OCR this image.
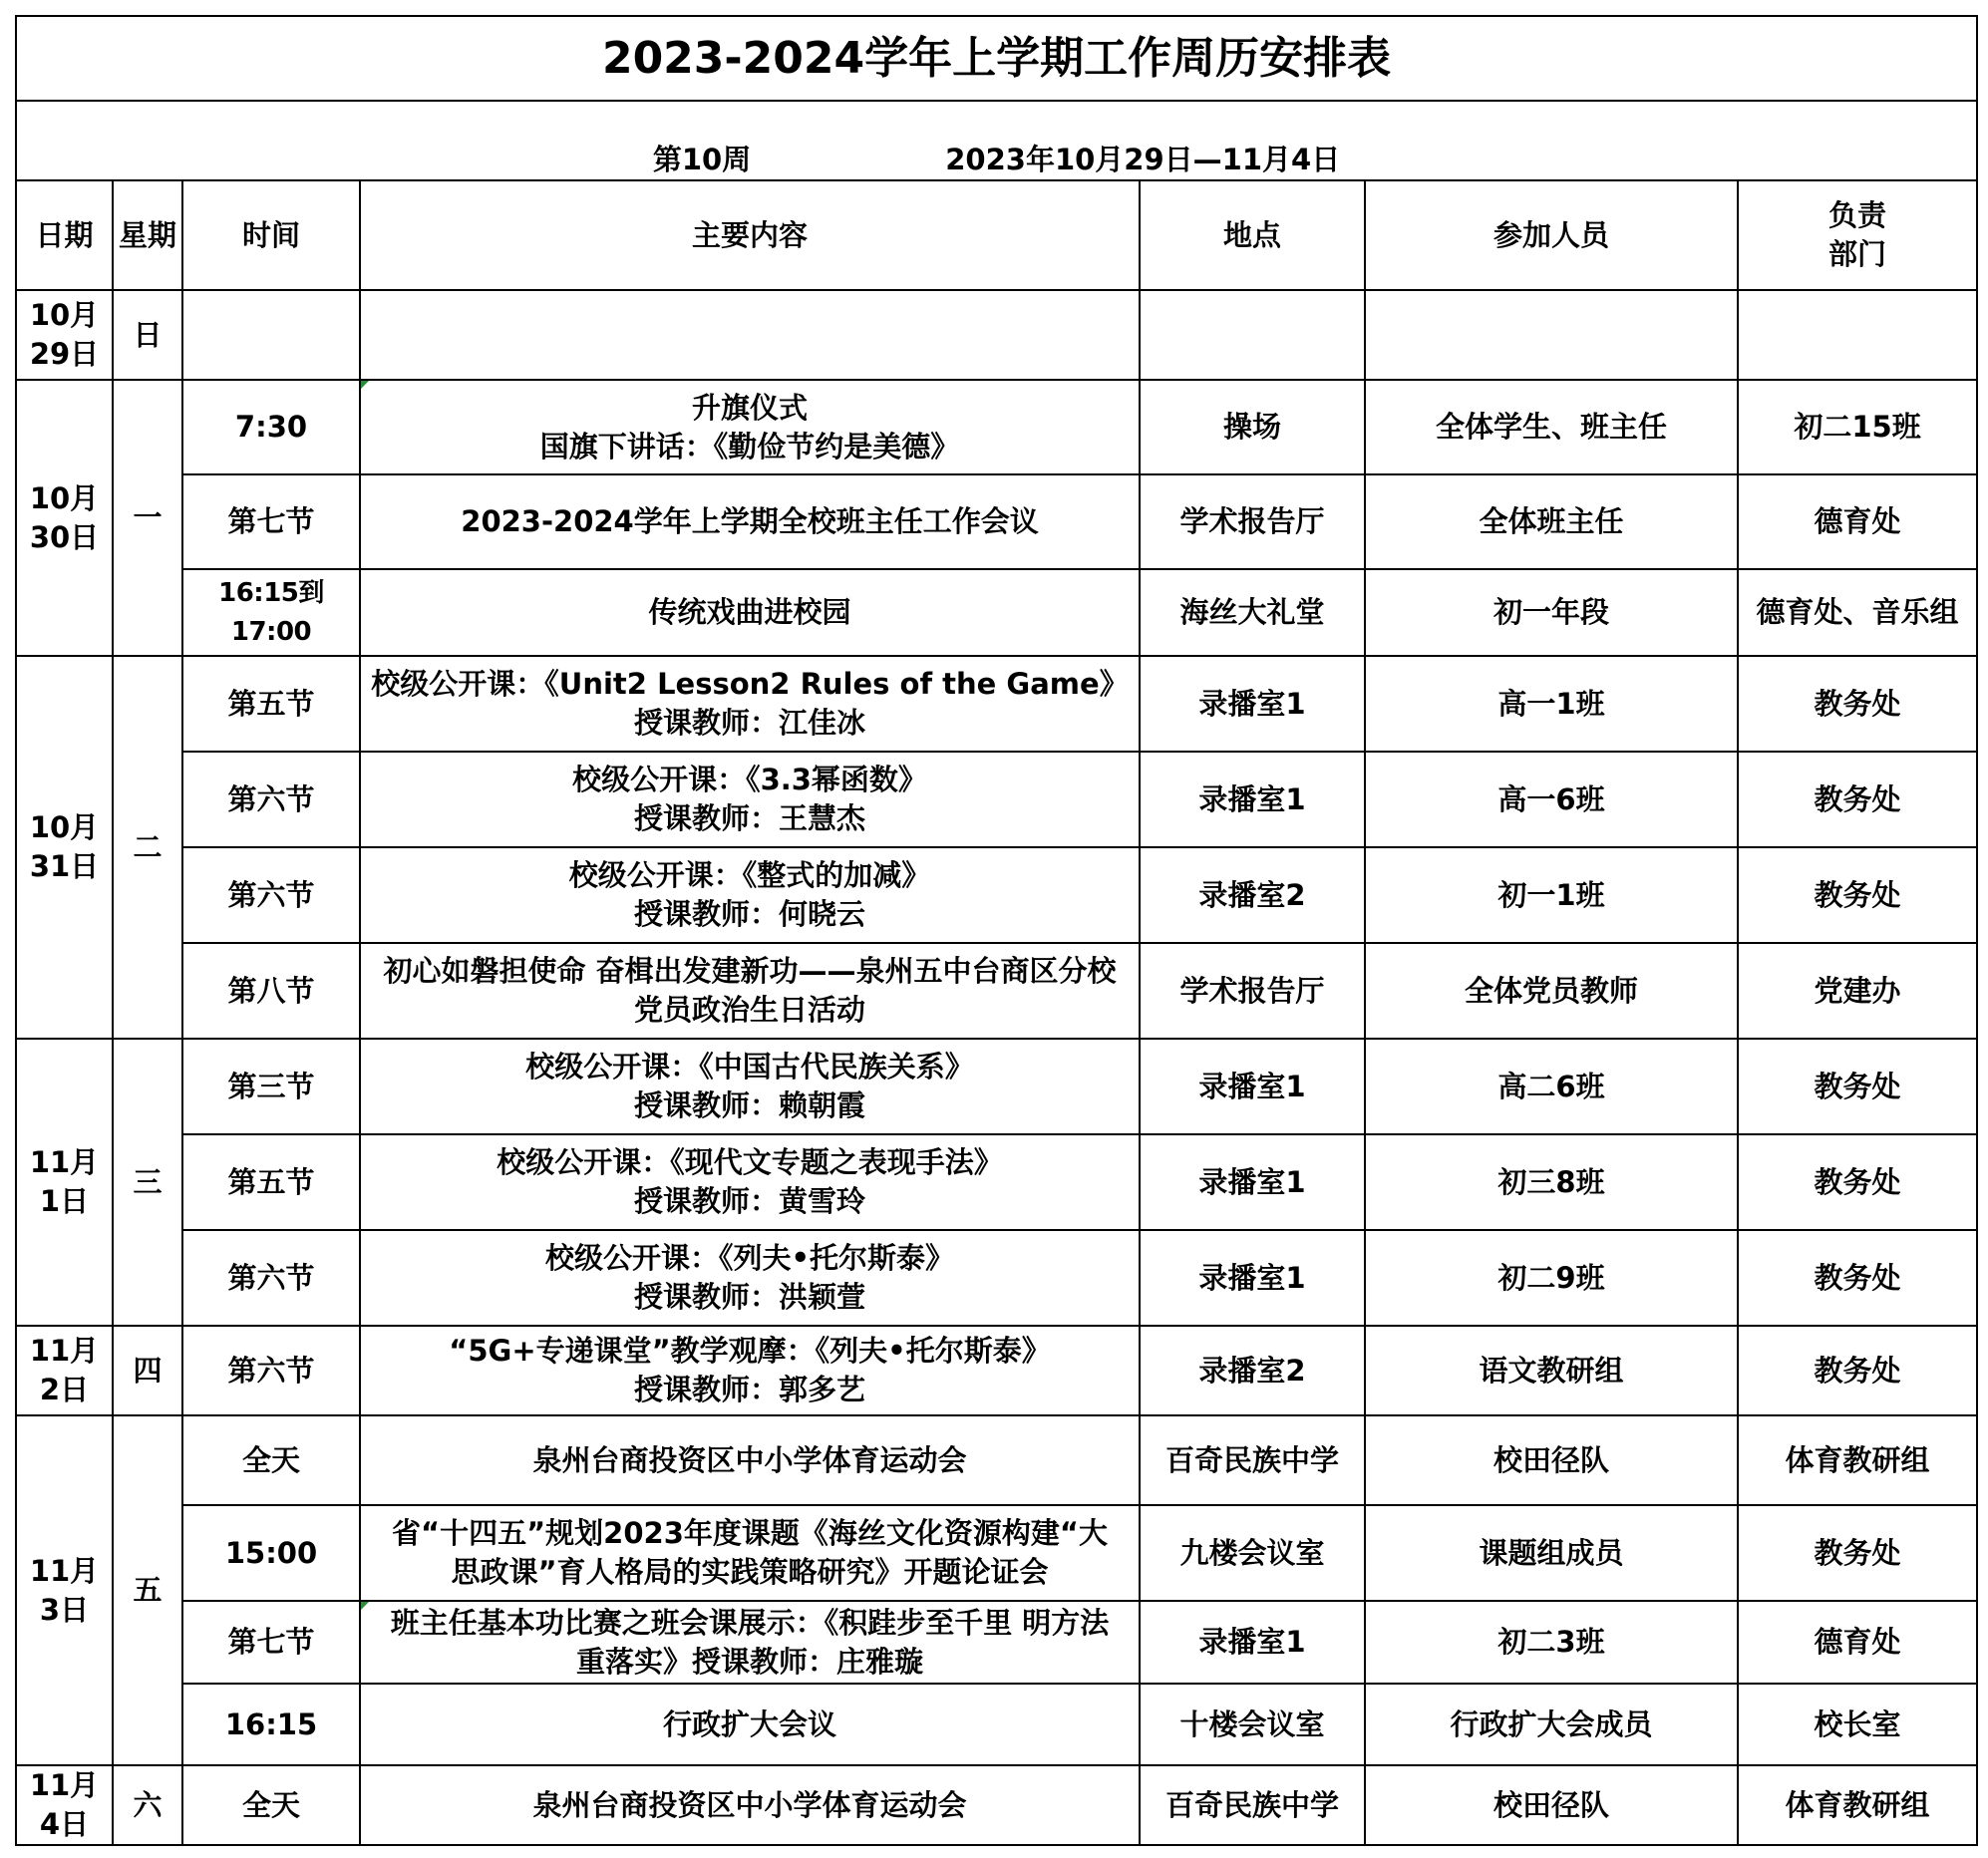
2023-2024学年上学期工作周历安排表						

第10周 2023年10月29日—11月4日						

日期	星期	时间	主要内容	地点	参加人员	负责
部门
10月
29日	日					
10月
30日	一	7:30	升旗仪式
国旗下讲话：《勤俭节约是美德》	操场	全体学生、班主任	初二15班
		第七节	2023-2024学年上学期全校班主任工作会议	学术报告厅	全体班主任	德育处
		16:15到17:00	传统戏曲进校园	海丝大礼堂	初一年段	德育处、音乐组
10月
31日	二	第五节	校级公开课：《Unit2 Lesson2 Rules of the Game》
授课教师：江佳冰	录播室1	高一1班	教务处
		第六节	校级公开课：《3.3幂函数》
授课教师：王慧杰	录播室1	高一6班	教务处
		第六节	校级公开课：《整式的加减》
授课教师：何晓云	录播室2	初一1班	教务处
		第八节	初心如磐担使命 奋楫出发建新功——泉州五中台商区分校
党员政治生日活动	学术报告厅	全体党员教师	党建办
11月
1日	三	第三节	校级公开课：《中国古代民族关系》
授课教师：赖朝霞	录播室1	高二6班	教务处
		第五节	校级公开课：《现代文专题之表现手法》
授课教师：黄雪玲	录播室1	初三8班	教务处
		第六节	校级公开课：《列夫•托尔斯泰》
授课教师：洪颖萱	录播室1	初二9班	教务处
11月
2日	四	第六节	“5G+专递课堂”教学观摩：《列夫•托尔斯泰》
授课教师：郭多艺	录播室2	语文教研组	教务处
11月
3日	五	全天	泉州台商投资区中小学体育运动会	百奇民族中学	校田径队	体育教研组
		15:00	省“十四五”规划2023年度课题《海丝文化资源构建“大
思政课”育人格局的实践策略研究》开题论证会	九楼会议室	课题组成员	教务处
		第七节	班主任基本功比赛之班会课展示：《积跬步至千里 明方法
重落实》授课教师：庄雅璇	录播室1	初二3班	德育处
		16:15	行政扩大会议	十楼会议室	行政扩大会成员	校长室
11月
4日	六	全天	泉州台商投资区中小学体育运动会	百奇民族中学	校田径队	体育教研组
